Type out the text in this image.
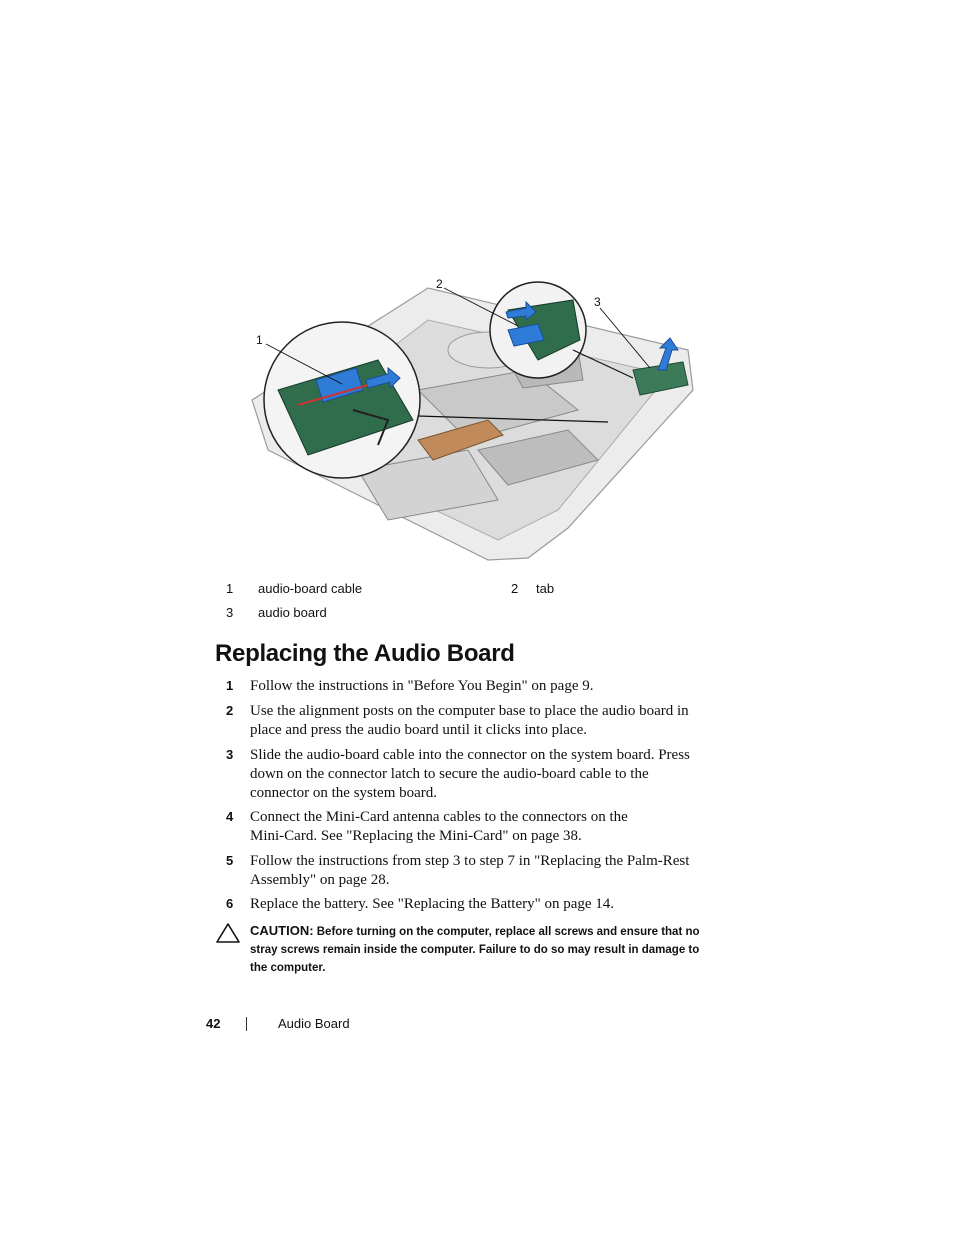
1
2
3
1 audio-board cable	2 tab
3 audio board
Replacing the Audio Board
1 Follow the instructions in "Before You Begin" on page 9.
2 Use the alignment posts on the computer base to place the audio board in
place and press the audio board until it clicks into place.
3 Slide the audio-board cable into the connector on the system board. Press
down on the connector latch to secure the audio-board cable to the
connector on the system board.
4 Connect the Mini-Card antenna cables to the connectors on the
Mini-Card. See "Replacing the Mini-Card" on page 38.
5 Follow the instructions from step 3 to step 7 in "Replacing the Palm-Rest
Assembly" on page 28.
6 Replace the battery. See "Replacing the Battery" on page 14.
CAUTION: Before turning on the computer, replace all screws and ensure that no
stray screws remain inside the computer. Failure to do so may result in damage to
the computer.
42	Audio Board
